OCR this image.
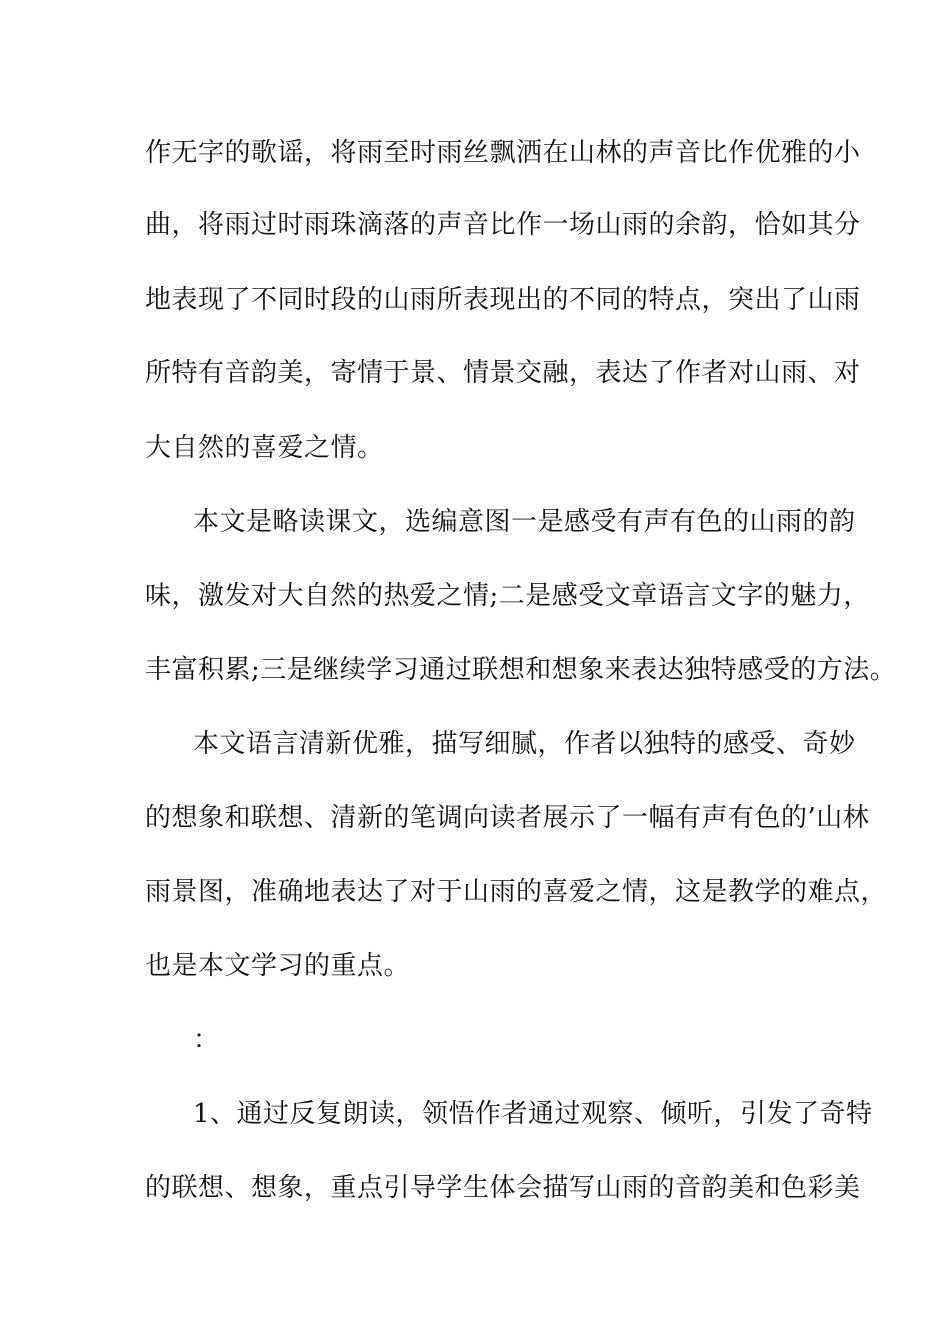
作无字的歌谣，将雨至时雨丝飘洒在山林的声音比作优雅的小
曲，将雨过时雨珠滴落的声音比作一场山雨的余韵，恰如其分
地表现了不同时段的山雨所表现出的不同的特点，突出了山雨
所特有音韵美，寄情于景、情景交融，表达了作者对山雨、对
大自然的喜爱之情。
本文是略读课文，选编意图一是感受有声有色的山雨的韵
味，激发对大自然的热爱之情;二是感受文章语言文字的魅力，
丰富积累;三是继续学习通过联想和想象来表达独特感受的方法。
本文语言清新优雅，描写细腻，作者以独特的感受、奇妙
的想象和联想、清新的笔调向读者展示了一幅有声有色的’山林
雨景图，准确地表达了对于山雨的喜爱之情，这是教学的难点，
也是本文学习的重点。
：
1、通过反复朗读，领悟作者通过观察、倾听，引发了奇特
的联想、想象，重点引导学生体会描写山雨的音韵美和色彩美
